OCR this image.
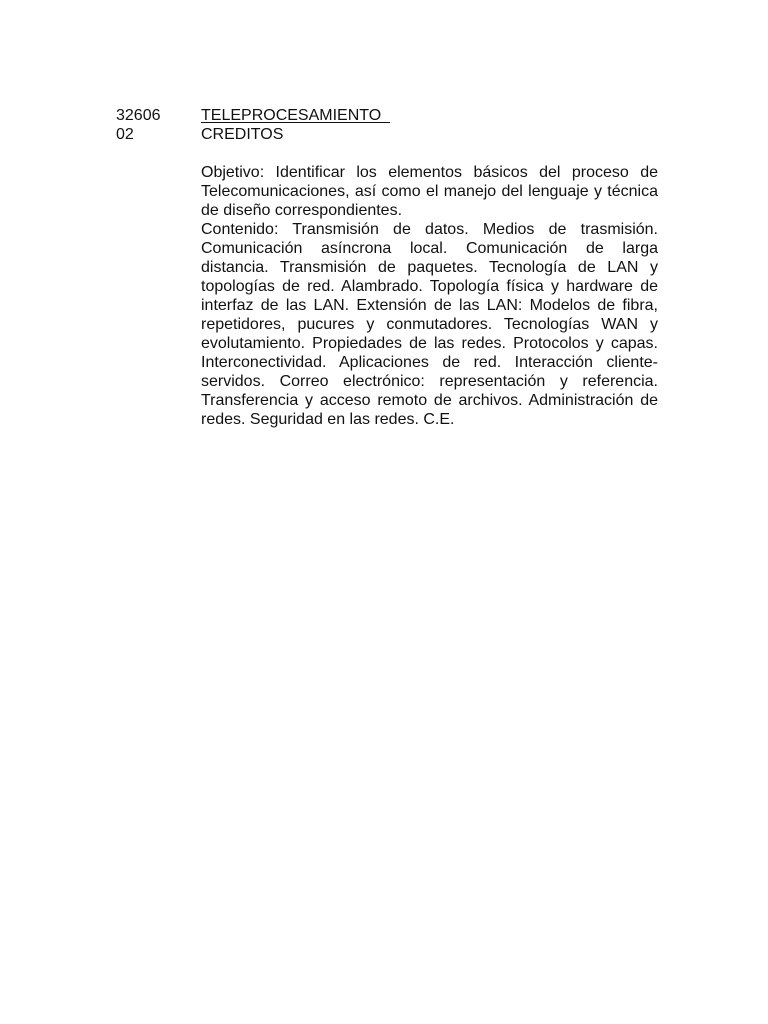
32606
02
TELEPROCESAMIENTO
CREDITOS

Objetivo: Identificar los elementos básicos del proceso de Telecomunicaciones, así como el manejo del lenguaje y técnica de diseño correspondientes.

Contenido: Transmisión de datos. Medios de trasmisión. Comunicación asíncrona local. Comunicación de larga distancia. Transmisión de paquetes. Tecnología de LAN y topologías de red. Alambrado. Topología física y hardware de interfaz de las LAN. Extensión de las LAN: Modelos de fibra, repetidores, pucures y conmutadores. Tecnologías WAN y evolutamiento. Propiedades de las redes. Protocolos y capas. Interconectividad. Aplicaciones de red. Interacción cliente-servidos. Correo electrónico: representación y referencia. Transferencia y acceso remoto de archivos. Administración de redes. Seguridad en las redes. C.E.
